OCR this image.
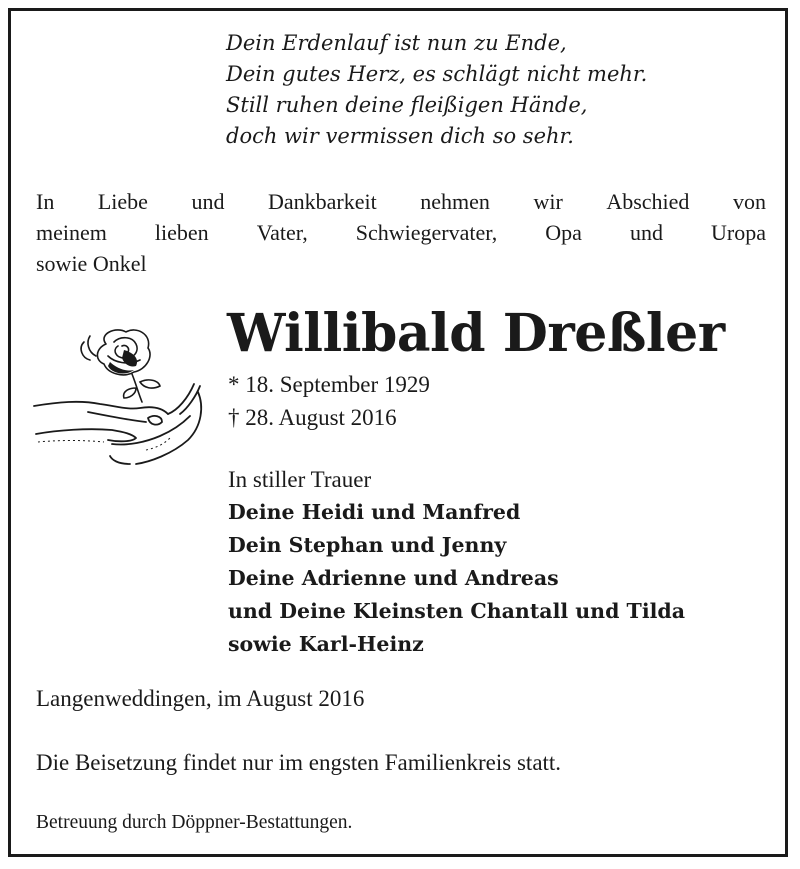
Dein Erdenlauf ist nun zu Ende,
Dein gutes Herz, es schlägt nicht mehr.
Still ruhen deine fleißigen Hände,
doch wir vermissen dich so sehr.
In Liebe und Dankbarkeit nehmen wir Abschied von
meinem lieben Vater, Schwiegervater, Opa und Uropa
sowie Onkel
Willibald Dreßler
* 18. September 1929
† 28. August 2016
In stiller Trauer
Deine Heidi und Manfred
Dein Stephan und Jenny
Deine Adrienne und Andreas
und Deine Kleinsten Chantall und Tilda
sowie Karl-Heinz
Langenweddingen, im August 2016
Die Beisetzung findet nur im engsten Familienkreis statt.
Betreuung durch Döppner-Bestattungen.
